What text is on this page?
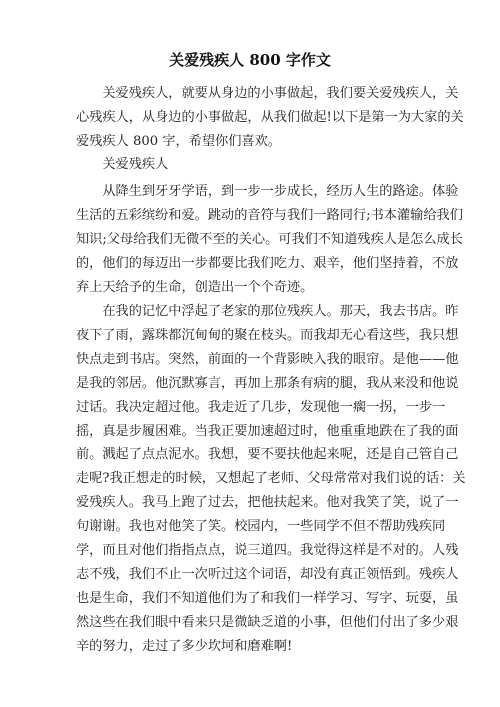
关爱残疾人 800 字作文
　　关爱残疾人，就要从身边的小事做起，我们要关爱残疾人，关
心残疾人，从身边的小事做起，从我们做起!以下是第一为大家的关
爱残疾人 800 字，希望你们喜欢。
　　关爱残疾人
　　从降生到牙牙学语，到一步一步成长，经历人生的路途。体验
生活的五彩缤纷和爱。跳动的音符与我们一路同行;书本灌输给我们
知识;父母给我们无微不至的关心。可我们不知道残疾人是怎么成长
的，他们的每迈出一步都要比我们吃力、艰辛，他们坚持着，不放
弃上天给予的生命，创造出一个个奇迹。
　　在我的记忆中浮起了老家的那位残疾人。那天，我去书店。昨
夜下了雨，露珠都沉甸甸的聚在枝头。而我却无心看这些，我只想
快点走到书店。突然，前面的一个背影映入我的眼帘。是他——他
是我的邻居。他沉默寡言，再加上那条有病的腿，我从来没和他说
过话。我决定超过他。我走近了几步，发现他一瘸一拐，一步一
摇，真是步履困难。当我正要加速超过时，他重重地跌在了我的面
前。溅起了点点泥水。我想，要不要扶他起来呢，还是自己管自己
走呢?我正想走的时候，又想起了老师、父母常常对我们说的话：关
爱残疾人。我马上跑了过去，把他扶起来。他对我笑了笑，说了一
句谢谢。我也对他笑了笑。校园内，一些同学不但不帮助残疾同
学，而且对他们指指点点，说三道四。我觉得这样是不对的。人残
志不残，我们不止一次听过这个词语，却没有真正领悟到。残疾人
也是生命，我们不知道他们为了和我们一样学习、写字、玩耍，虽
然这些在我们眼中看来只是微缺乏道的小事，但他们付出了多少艰
辛的努力，走过了多少坎坷和磨难啊!
